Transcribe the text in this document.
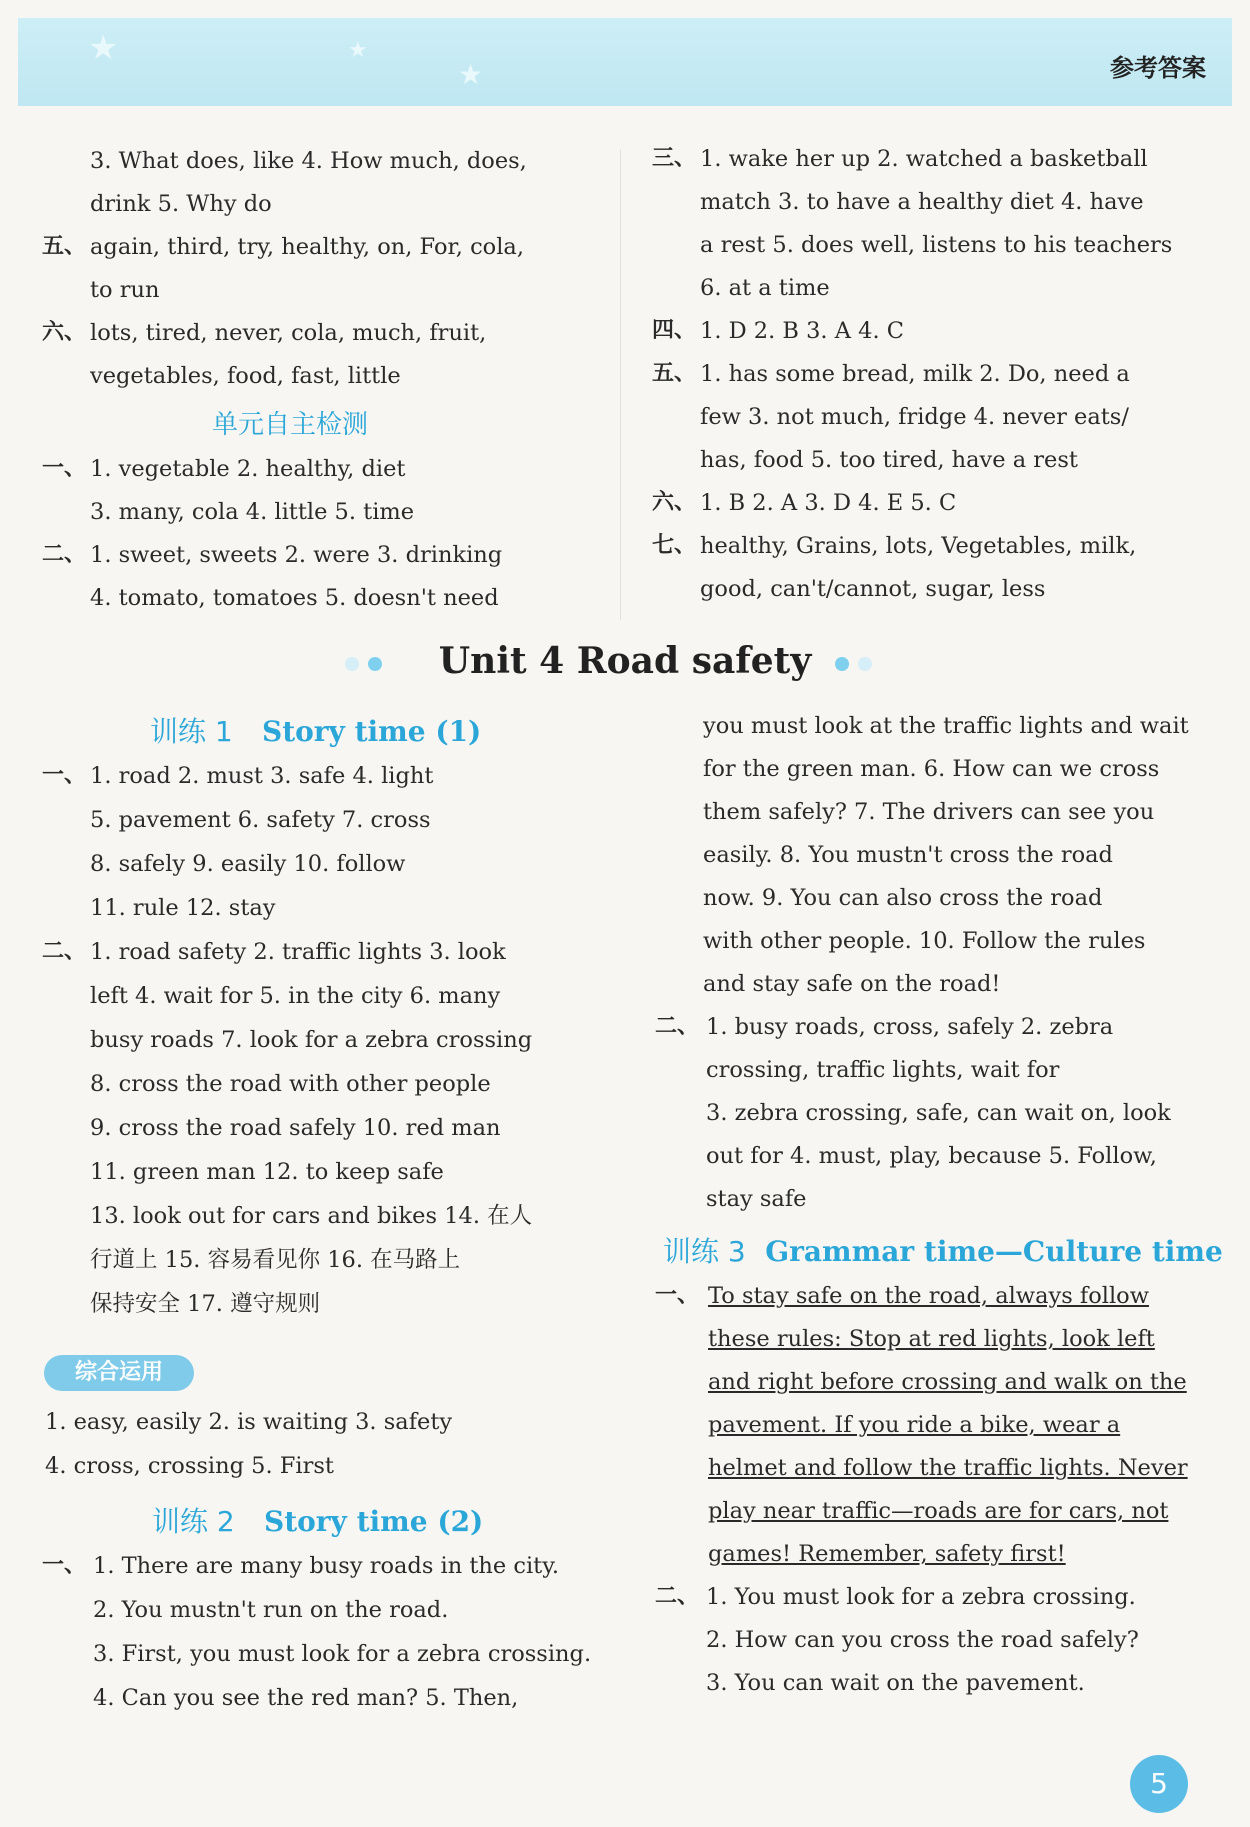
★	★
★	参考答案
3. What does, like 4. How much, does,
drink 5. Why do
五、 again, third, try, healthy, on, For, cola,
to run
六、 lots, tired, never, cola, much, fruit,
vegetables, food, fast, little
单元自主检测
一、 1. vegetable 2. healthy, diet
3. many, cola 4. little 5. time
二、 1. sweet, sweets 2. were 3. drinking
4. tomato, tomatoes 5. doesn't need
三、 1. wake her up 2. watched a basketball
match 3. to have a healthy diet 4. have
a rest 5. does well, listens to his teachers
6. at a time
四、 1. D 2. B 3. A 4. C
五、 1. has some bread, milk 2. Do, need a
few 3. not much, fridge 4. never eats/
has, food 5. too tired, have a rest
六、 1. B 2. A 3. D 4. E 5. C
七、 healthy, Grains, lots, Vegetables, milk,
good, can't/cannot, sugar, less
Unit 4 Road safety
训练 1 Story time (1)
一、 1. road 2. must 3. safe 4. light
5. pavement 6. safety 7. cross
8. safely 9. easily 10. follow
11. rule 12. stay
二、 1. road safety 2. traffic lights 3. look
left 4. wait for 5. in the city 6. many
busy roads 7. look for a zebra crossing
8. cross the road with other people
9. cross the road safely 10. red man
11. green man 12. to keep safe
13. look out for cars and bikes 14. 在人
行道上 15. 容易看见你 16. 在马路上
保持安全 17. 遵守规则
综合运用
1. easy, easily 2. is waiting 3. safety
4. cross, crossing 5. First
训练 2 Story time (2)
一、 1. There are many busy roads in the city.
2. You mustn't run on the road.
3. First, you must look for a zebra crossing.
4. Can you see the red man? 5. Then,
you must look at the traffic lights and wait
for the green man. 6. How can we cross
them safely? 7. The drivers can see you
easily. 8. You mustn't cross the road
now. 9. You can also cross the road
with other people. 10. Follow the rules
and stay safe on the road!
二、 1. busy roads, cross, safely 2. zebra
crossing, traffic lights, wait for
3. zebra crossing, safe, can wait on, look
out for 4. must, play, because 5. Follow,
stay safe
训练 3 Grammar time—Culture time
一、 To stay safe on the road, always follow
these rules: Stop at red lights, look left
and right before crossing and walk on the
pavement. If you ride a bike, wear a
helmet and follow the traffic lights. Never
play near traffic—roads are for cars, not
games! Remember, safety first!
二、 1. You must look for a zebra crossing.
2. How can you cross the road safely?
3. You can wait on the pavement.
5
